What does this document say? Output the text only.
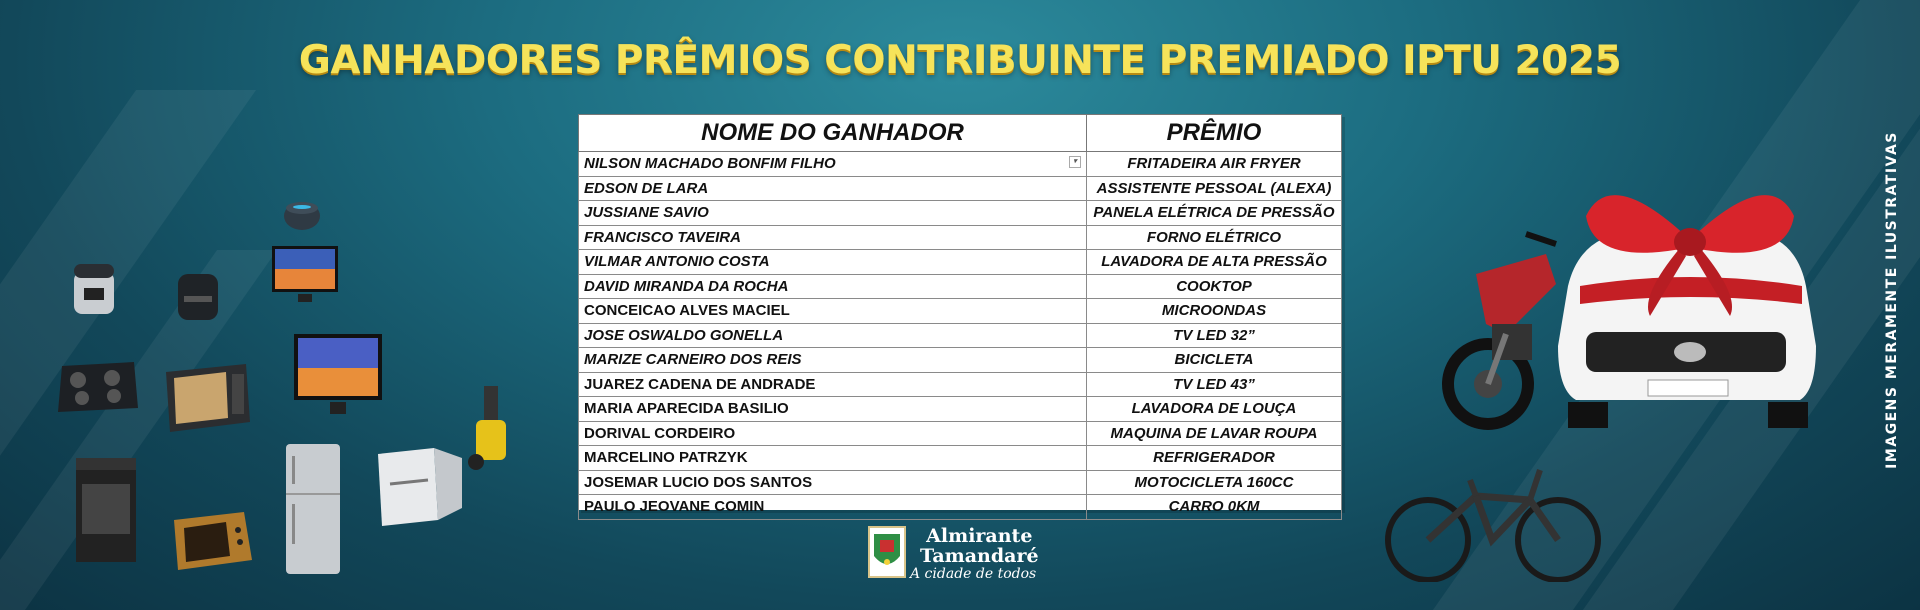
GANHADORES PRÊMIOS CONTRIBUINTE PREMIADO IPTU 2025
NOME DO GANHADOR	PRÊMIO
NILSON MACHADO BONFIM FILHO ▾	FRITADEIRA AIR FRYER
EDSON DE LARA	ASSISTENTE PESSOAL (ALEXA)
JUSSIANE SAVIO	PANELA ELÉTRICA DE PRESSÃO
FRANCISCO TAVEIRA	FORNO ELÉTRICO
VILMAR ANTONIO COSTA	LAVADORA DE ALTA PRESSÃO
DAVID MIRANDA DA ROCHA	COOKTOP
CONCEICAO ALVES MACIEL	MICROONDAS
JOSE OSWALDO GONELLA	TV LED 32”
MARIZE CARNEIRO DOS REIS	BICICLETA
JUAREZ CADENA DE ANDRADE	TV LED 43”
MARIA APARECIDA BASILIO	LAVADORA DE LOUÇA
DORIVAL CORDEIRO	MAQUINA DE LAVAR ROUPA
MARCELINO PATRZYK	REFRIGERADOR
JOSEMAR LUCIO DOS SANTOS	MOTOCICLETA 160CC
PAULO JEOVANE COMIN	CARRO 0KM
Almirante
Tamandaré
A cidade de todos
IMAGENS MERAMENTE ILUSTRATIVAS
